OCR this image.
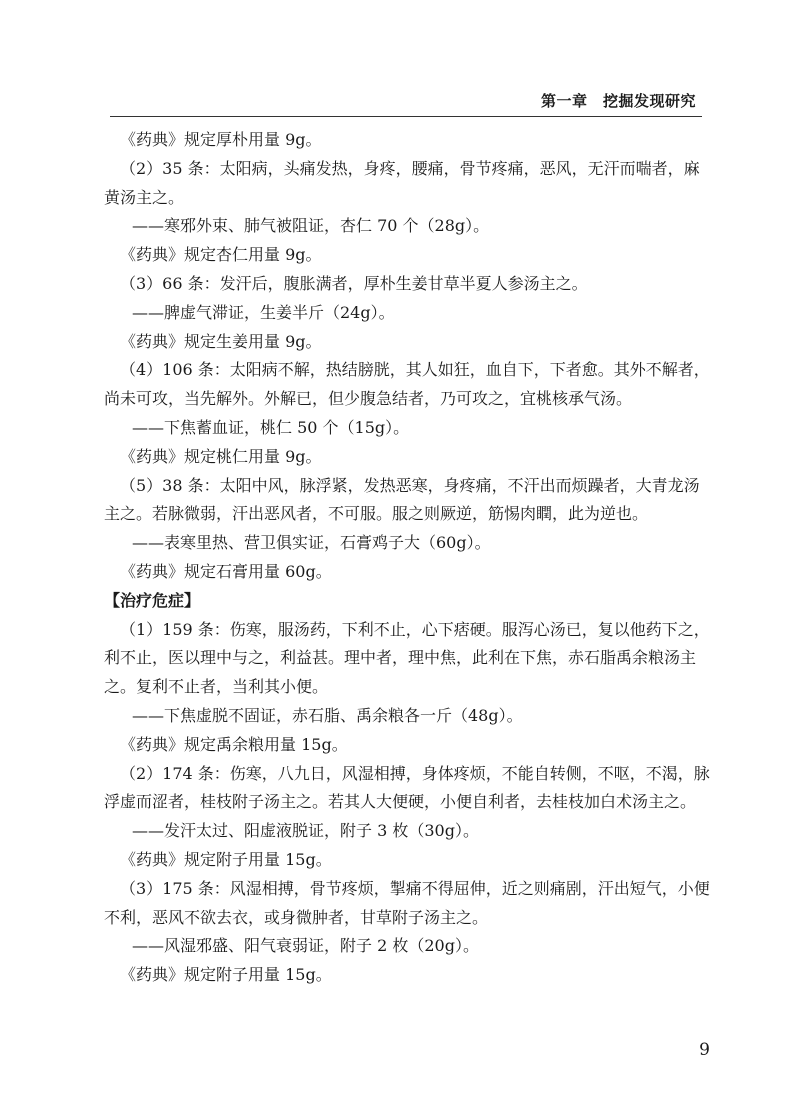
第一章　挖掘发现研究

《药典》规定厚朴用量 9g。

（2）35 条：太阳病，头痛发热，身疼，腰痛，骨节疼痛，恶风，无汗而喘者，麻黄汤主之。

——寒邪外束、肺气被阻证，杏仁 70 个（28g）。

《药典》规定杏仁用量 9g。

（3）66 条：发汗后，腹胀满者，厚朴生姜甘草半夏人参汤主之。

——脾虚气滞证，生姜半斤（24g）。

《药典》规定生姜用量 9g。

（4）106 条：太阳病不解，热结膀胱，其人如狂，血自下，下者愈。其外不解者，尚未可攻，当先解外。外解已，但少腹急结者，乃可攻之，宜桃核承气汤。

——下焦蓄血证，桃仁 50 个（15g）。

《药典》规定桃仁用量 9g。

（5）38 条：太阳中风，脉浮紧，发热恶寒，身疼痛，不汗出而烦躁者，大青龙汤主之。若脉微弱，汗出恶风者，不可服。服之则厥逆，筋惕肉瞤，此为逆也。

——表寒里热、营卫俱实证，石膏鸡子大（60g）。

《药典》规定石膏用量 60g。

【治疗危症】

（1）159 条：伤寒，服汤药，下利不止，心下痞硬。服泻心汤已，复以他药下之，利不止，医以理中与之，利益甚。理中者，理中焦，此利在下焦，赤石脂禹余粮汤主之。复利不止者，当利其小便。

——下焦虚脱不固证，赤石脂、禹余粮各一斤（48g）。

《药典》规定禹余粮用量 15g。

（2）174 条：伤寒，八九日，风湿相搏，身体疼烦，不能自转侧，不呕，不渴，脉浮虚而涩者，桂枝附子汤主之。若其人大便硬，小便自利者，去桂枝加白术汤主之。

——发汗太过、阳虚液脱证，附子 3 枚（30g）。

《药典》规定附子用量 15g。

（3）175 条：风湿相搏，骨节疼烦，掣痛不得屈伸，近之则痛剧，汗出短气，小便不利，恶风不欲去衣，或身微肿者，甘草附子汤主之。

——风湿邪盛、阳气衰弱证，附子 2 枚（20g）。

《药典》规定附子用量 15g。

9
